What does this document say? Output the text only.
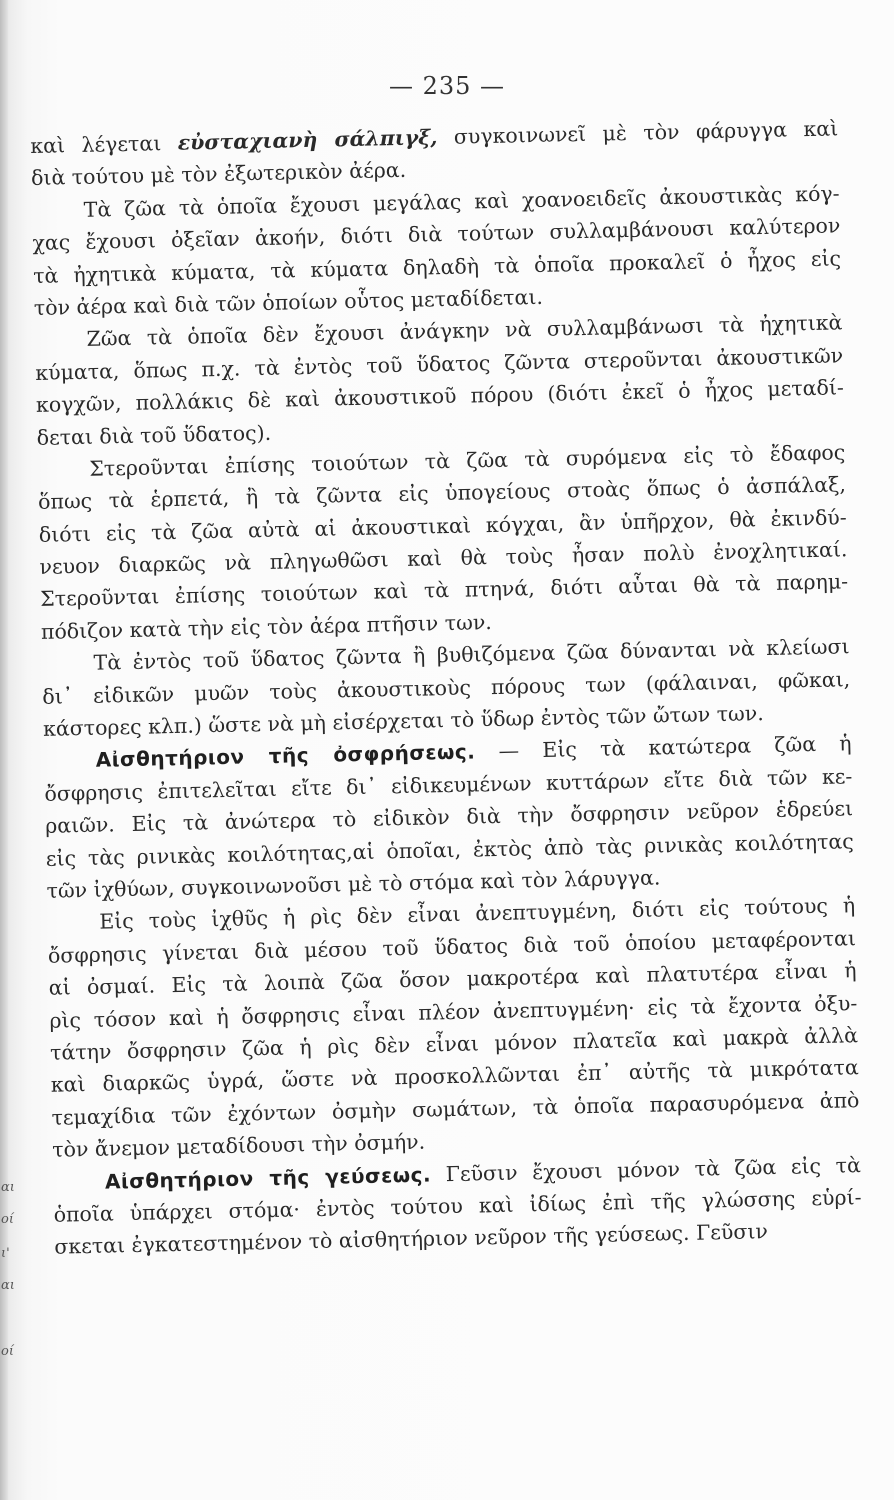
— 235 —
αι
οί
ι'
αι
οί
καὶ λέγεται εὐσταχιανὴ σάλπιγξ, συγκοινωνεῖ μὲ τὸν φάρυγγα καὶ
διὰ τούτου μὲ τὸν ἐξωτερικὸν ἀέρα.
Τὰ ζῶα τὰ ὁποῖα ἔχουσι μεγάλας καὶ χοανοειδεῖς ἀκουστικὰς κόγ-
χας ἔχουσι ὀξεῖαν ἀκοήν, διότι διὰ τούτων συλλαμβάνουσι καλύτερον
τὰ ἠχητικὰ κύματα, τὰ κύματα δηλαδὴ τὰ ὁποῖα προκαλεῖ ὁ ἦχος εἰς
τὸν ἀέρα καὶ διὰ τῶν ὁποίων οὗτος μεταδίδεται.
Ζῶα τὰ ὁποῖα δὲν ἔχουσι ἀνάγκην νὰ συλλαμβάνωσι τὰ ἠχητικὰ
κύματα, ὅπως π.χ. τὰ ἐντὸς τοῦ ὕδατος ζῶντα στεροῦνται ἀκουστικῶν
κογχῶν, πολλάκις δὲ καὶ ἀκουστικοῦ πόρου (διότι ἐκεῖ ὁ ἦχος μεταδί-
δεται διὰ τοῦ ὕδατος).
Στεροῦνται ἐπίσης τοιούτων τὰ ζῶα τὰ συρόμενα εἰς τὸ ἔδαφος
ὅπως τὰ ἑρπετά, ἢ τὰ ζῶντα εἰς ὑπογείους στοὰς ὅπως ὁ ἀσπάλαξ,
διότι εἰς τὰ ζῶα αὐτὰ αἱ ἀκουστικαὶ κόγχαι, ἂν ὑπῆρχον, θὰ ἐκινδύ-
νευον διαρκῶς νὰ πληγωθῶσι καὶ θὰ τοὺς ἦσαν πολὺ ἐνοχλητικαί.
Στεροῦνται ἐπίσης τοιούτων καὶ τὰ πτηνά, διότι αὗται θὰ τὰ παρημ-
πόδιζον κατὰ τὴν εἰς τὸν ἀέρα πτῆσιν των.
Τὰ ἐντὸς τοῦ ὕδατος ζῶντα ἢ βυθιζόμενα ζῶα δύνανται νὰ κλείωσι
δι᾽ εἰδικῶν μυῶν τοὺς ἀκουστικοὺς πόρους των (φάλαιναι, φῶκαι,
κάστορες κλπ.) ὥστε νὰ μὴ εἰσέρχεται τὸ ὕδωρ ἐντὸς τῶν ὤτων των.
Αἰσθητήριον τῆς ὀσφρήσεως. — Εἰς τὰ κατώτερα ζῶα ἡ
ὄσφρησις ἐπιτελεῖται εἴτε δι᾽ εἰδικευμένων κυττάρων εἴτε διὰ τῶν κε-
ραιῶν. Εἰς τὰ ἀνώτερα τὸ εἰδικὸν διὰ τὴν ὄσφρησιν νεῦρον ἑδρεύει
εἰς τὰς ρινικὰς κοιλότητας,αἱ ὁποῖαι, ἐκτὸς ἀπὸ τὰς ρινικὰς κοιλότητας
τῶν ἰχθύων, συγκοινωνοῦσι μὲ τὸ στόμα καὶ τὸν λάρυγγα.
Εἰς τοὺς ἰχθῦς ἡ ρὶς δὲν εἶναι ἀνεπτυγμένη, διότι εἰς τούτους ἡ
ὄσφρησις γίνεται διὰ μέσου τοῦ ὕδατος διὰ τοῦ ὁποίου μεταφέρονται
αἱ ὀσμαί. Εἰς τὰ λοιπὰ ζῶα ὅσον μακροτέρα καὶ πλατυτέρα εἶναι ἡ
ρὶς τόσον καὶ ἡ ὄσφρησις εἶναι πλέον ἀνεπτυγμένη· εἰς τὰ ἔχοντα ὀξυ-
τάτην ὄσφρησιν ζῶα ἡ ρὶς δὲν εἶναι μόνον πλατεῖα καὶ μακρὰ ἀλλὰ
καὶ διαρκῶς ὑγρά, ὥστε νὰ προσκολλῶνται ἐπ᾽ αὐτῆς τὰ μικρότατα
τεμαχίδια τῶν ἐχόντων ὀσμὴν σωμάτων, τὰ ὁποῖα παρασυρόμενα ἀπὸ
τὸν ἄνεμον μεταδίδουσι τὴν ὀσμήν.
Αἰσθητήριον τῆς γεύσεως. Γεῦσιν ἔχουσι μόνον τὰ ζῶα εἰς τὰ
ὁποῖα ὑπάρχει στόμα· ἐντὸς τούτου καὶ ἰδίως ἐπὶ τῆς γλώσσης εὑρί-
σκεται ἐγκατεστημένον τὸ αἰσθητήριον νεῦρον τῆς γεύσεως. Γεῦσιν
